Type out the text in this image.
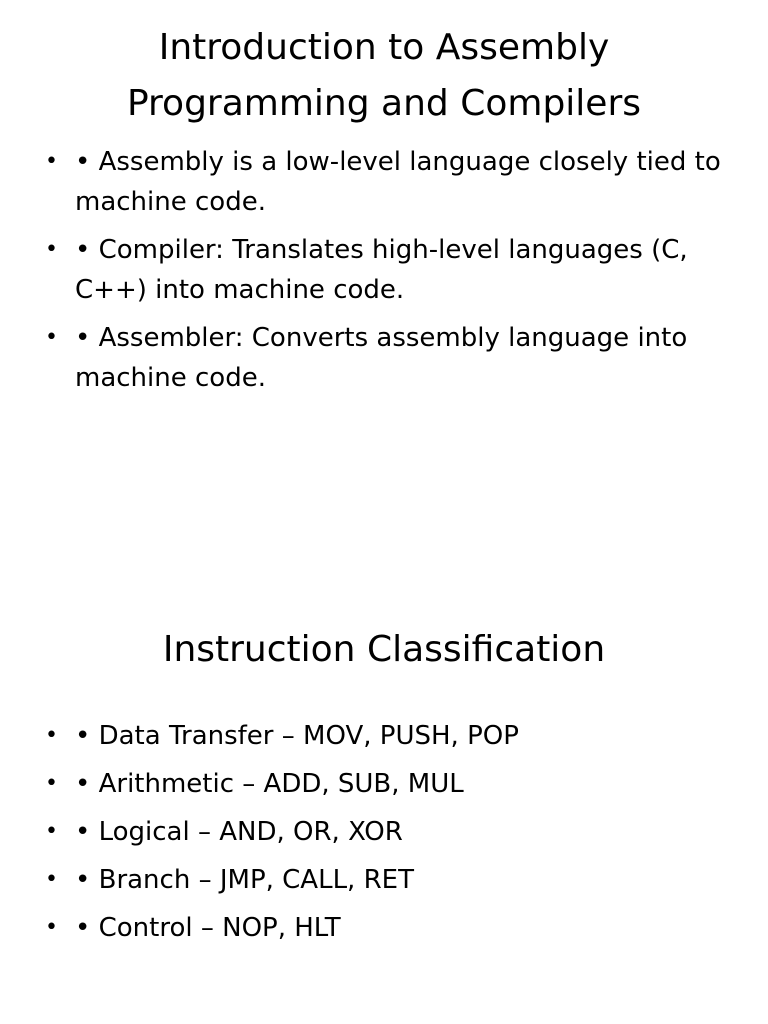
Introduction to Assembly Programming and Compilers
• • Assembly is a low-level language closely tied to machine code.
• • Compiler: Translates high-level languages (C, C++) into machine code.
• • Assembler: Converts assembly language into machine code.
Instruction Classification
• • Data Transfer – MOV, PUSH, POP
• • Arithmetic – ADD, SUB, MUL
• • Logical – AND, OR, XOR
• • Branch – JMP, CALL, RET
• • Control – NOP, HLT
